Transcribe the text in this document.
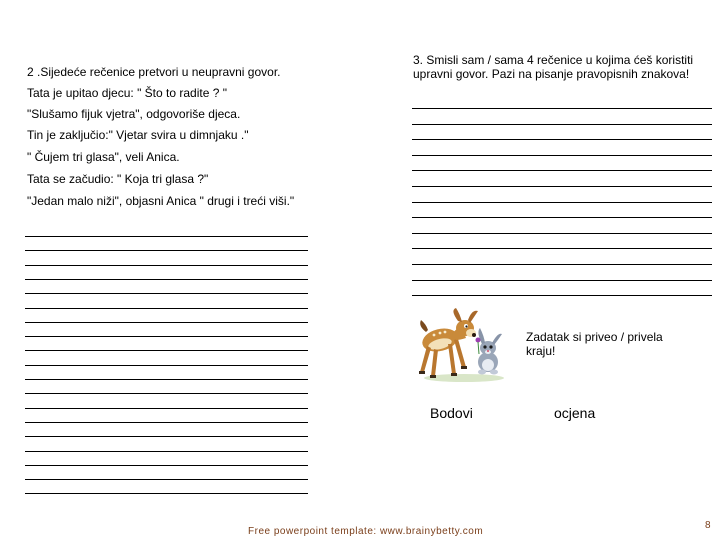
2 .Sijedeće rečenice pretvori u neupravni govor.
Tata je upitao djecu: " Što to radite ? "
"Slušamo fijuk vjetra", odgovoriše djeca.
Tin je zaključio:" Vjetar svira u dimnjaku ."
" Čujem tri glasa", veli Anica.
Tata se začudio: " Koja tri glasa ?"
"Jedan malo niži", objasni Anica " drugi i treći viši."
3. Smisli sam / sama 4 rečenice u kojima ćeš koristiti upravni govor. Pazi na pisanje pravopisnih znakova!
Zadatak si priveo / privela kraju!
Bodovi	ocjena
Free powerpoint template: www.brainybetty.com
8
